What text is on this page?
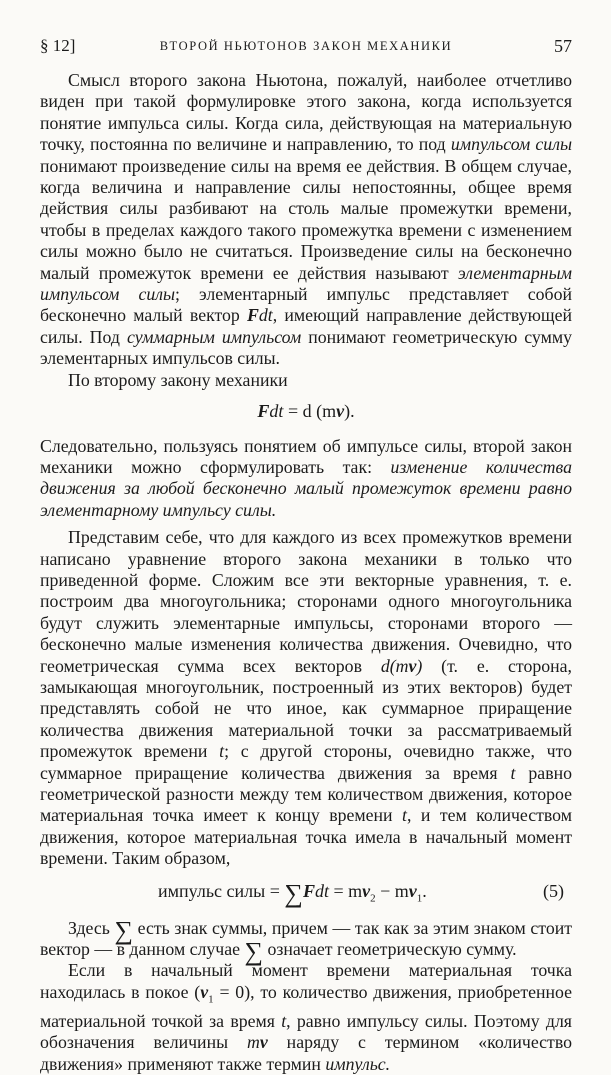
§ 12]	ВТОРОЙ НЬЮТОНОВ ЗАКОН МЕХАНИКИ	57

Смысл второго закона Ньютона, пожалуй, наиболее отчетливо виден при такой формулировке этого закона, когда используется понятие импульса силы. Когда сила, действующая на материальную точку, постоянна по величине и направлению, то под импульсом силы понимают произведение силы на время ее действия. В общем случае, когда величина и направление силы непостоянны, общее время действия силы разбивают на столь малые промежутки времени, чтобы в пределах каждого такого промежутка времени с изменением силы можно было не считаться. Произведение силы на бесконечно малый промежуток времени ее действия называют элементарным импульсом силы; элементарный импульс представляет собой бесконечно малый вектор Fdt, имеющий направление действующей силы. Под суммарным импульсом понимают геометрическую сумму элементарных импульсов силы.

По второму закону механики

Fdt = d (mv).

Следовательно, пользуясь понятием об импульсе силы, второй закон механики можно сформулировать так: изменение количества движения за любой бесконечно малый промежуток времени равно элементарному импульсу силы.

Представим себе, что для каждого из всех промежутков времени написано уравнение второго закона механики в только что приведенной форме. Сложим все эти векторные уравнения, т. е. построим два многоугольника; сторонами одного многоугольника будут служить элементарные импульсы, сторонами второго — бесконечно малые изменения количества движения. Очевидно, что геометрическая сумма всех векторов d(mv) (т. е. сторона, замыкающая многоугольник, построенный из этих векторов) будет представлять собой не что иное, как суммарное приращение количества движения материальной точки за рассматриваемый промежуток времени t; с другой стороны, очевидно также, что суммарное приращение количества движения за время t равно геометрической разности между тем количеством движения, которое материальная точка имеет к концу времени t, и тем количеством движения, которое материальная точка имела в начальный момент времени. Таким образом,

импульс силы = $\sum Fdt = mv_2 - mv_1$.	(5)

Здесь ∑ есть знак суммы, причем — так как за этим знаком стоит вектор — в данном случае ∑ означает геометрическую сумму.

Если в начальный момент времени материальная точка находилась в покое $(v_1 = 0)$, то количество движения, приобретенное материальной точкой за время t, равно импульсу силы. Поэтому для обозначения величины mv наряду с термином «количество движения» применяют также термин импульс.
